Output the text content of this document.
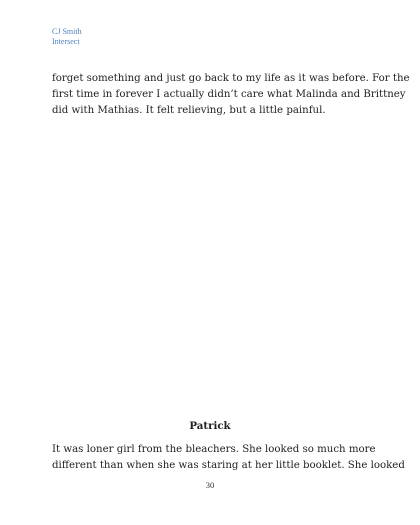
CJ Smith
Intersect

forget something and just go back to my life as it was before. For the
first time in forever I actually didn’t care what Malinda and Brittney
did with Mathias. It felt relieving, but a little painful.

Patrick

It was loner girl from the bleachers. She looked so much more
different than when she was staring at her little booklet. She looked

30
